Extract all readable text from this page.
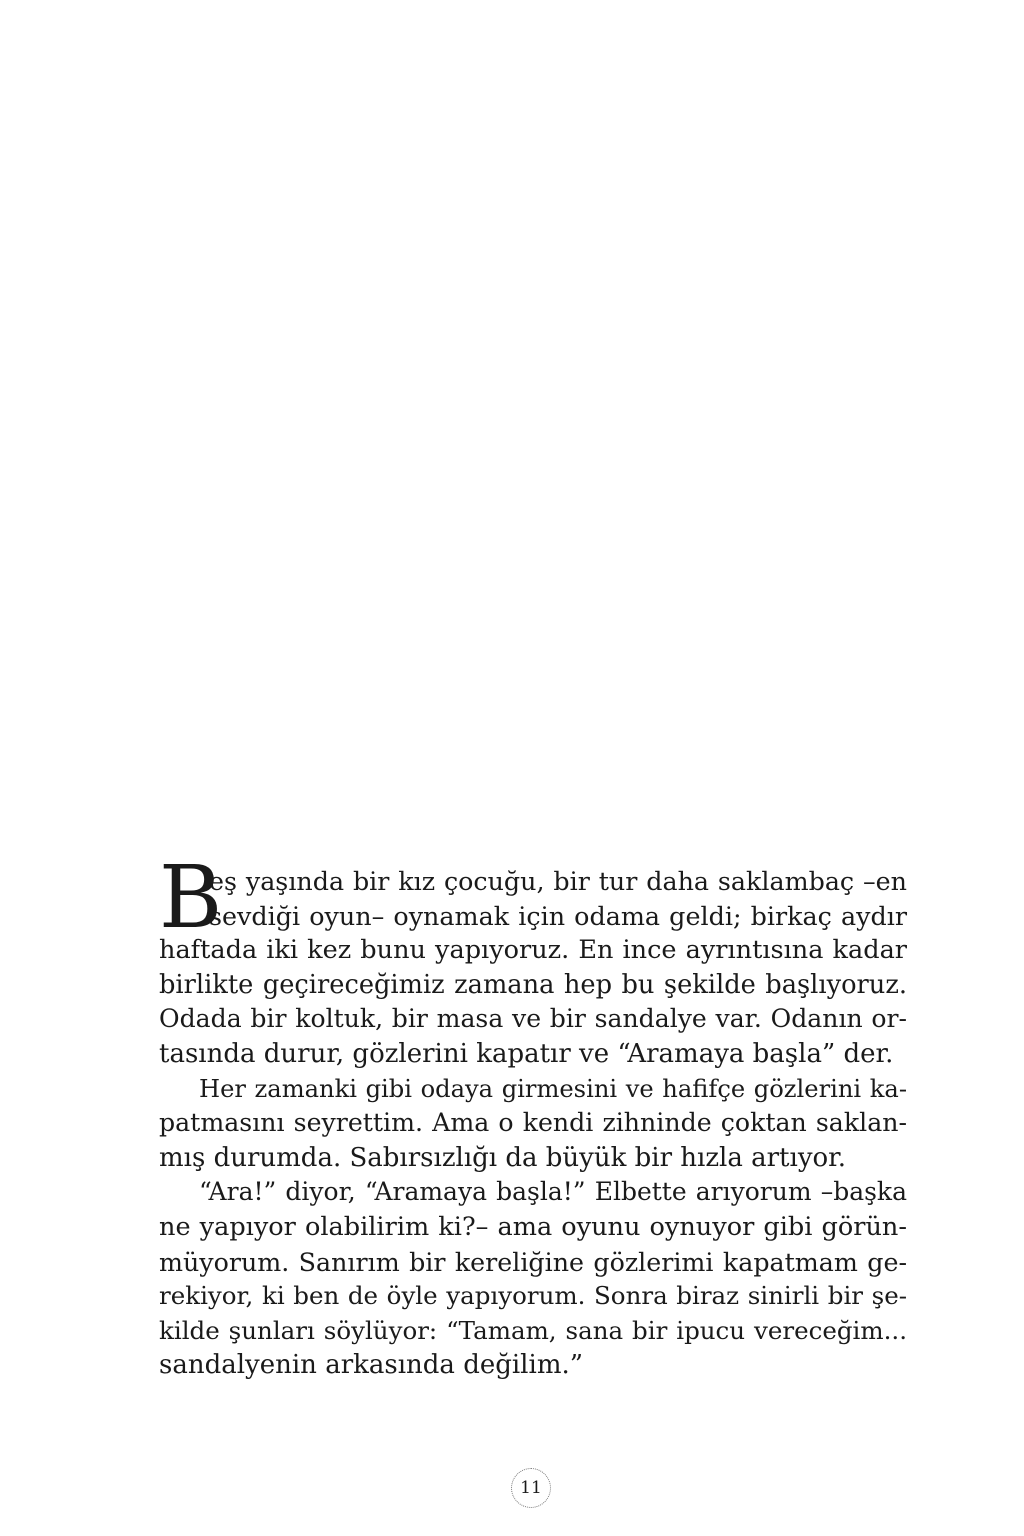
B
eş yaşında bir kız çocuğu, bir tur daha saklambaç –en
sevdiği oyun– oynamak için odama geldi; birkaç aydır
haftada iki kez bunu yapıyoruz. En ince ayrıntısına kadar
birlikte geçireceğimiz zamana hep bu şekilde başlıyoruz.
Odada bir koltuk, bir masa ve bir sandalye var. Odanın or-
tasında durur, gözlerini kapatır ve “Aramaya başla” der.
Her zamanki gibi odaya girmesini ve hafifçe gözlerini ka-
patmasını seyrettim. Ama o kendi zihninde çoktan saklan-
mış durumda. Sabırsızlığı da büyük bir hızla artıyor.
“Ara!” diyor, “Aramaya başla!” Elbette arıyorum –başka
ne yapıyor olabilirim ki?– ama oyunu oynuyor gibi görün-
müyorum. Sanırım bir kereliğine gözlerimi kapatmam ge-
rekiyor, ki ben de öyle yapıyorum. Sonra biraz sinirli bir şe-
kilde şunları söylüyor: “Tamam, sana bir ipucu vereceğim...
sandalyenin arkasında değilim.”
11
